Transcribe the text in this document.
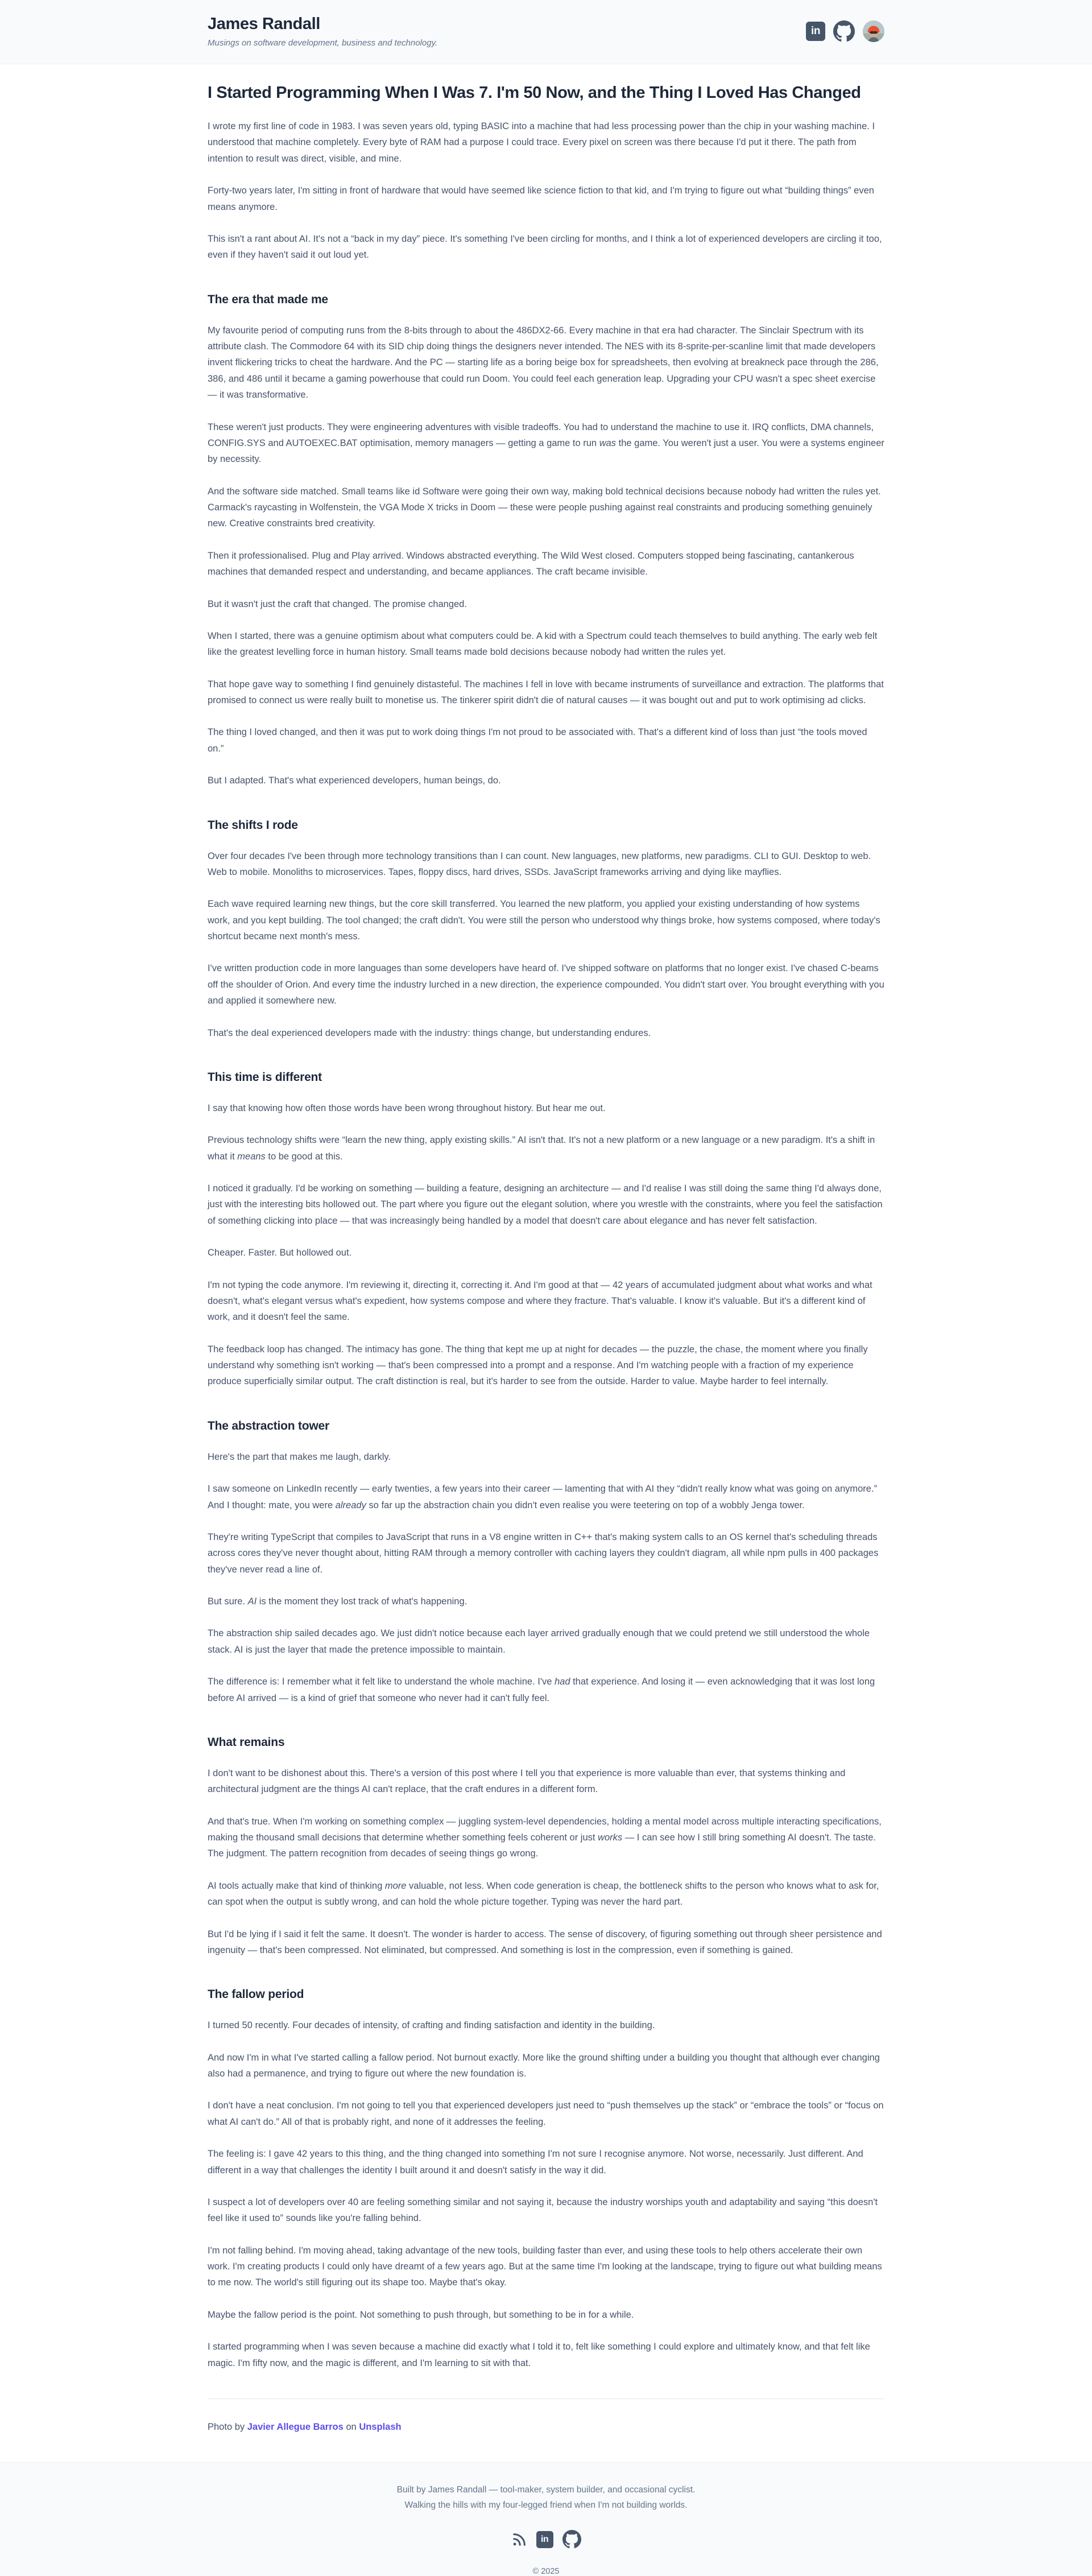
James Randall
Musings on software development, business and technology.
in
I Started Programming When I Was 7. I'm 50 Now, and the Thing I Loved Has Changed

I wrote my first line of code in 1983. I was seven years old, typing BASIC into a machine that had less processing power than the chip in your washing machine. I understood that machine completely. Every byte of RAM had a purpose I could trace. Every pixel on screen was there because I'd put it there. The path from intention to result was direct, visible, and mine.

Forty-two years later, I'm sitting in front of hardware that would have seemed like science fiction to that kid, and I'm trying to figure out what “building things” even means anymore.

This isn't a rant about AI. It's not a “back in my day” piece. It's something I've been circling for months, and I think a lot of experienced developers are circling it too, even if they haven't said it out loud yet.

The era that made me

My favourite period of computing runs from the 8-bits through to about the 486DX2-66. Every machine in that era had character. The Sinclair Spectrum with its attribute clash. The Commodore 64 with its SID chip doing things the designers never intended. The NES with its 8-sprite-per-scanline limit that made developers invent flickering tricks to cheat the hardware. And the PC — starting life as a boring beige box for spreadsheets, then evolving at breakneck pace through the 286, 386, and 486 until it became a gaming powerhouse that could run Doom. You could feel each generation leap. Upgrading your CPU wasn't a spec sheet exercise — it was transformative.

These weren't just products. They were engineering adventures with visible tradeoffs. You had to understand the machine to use it. IRQ conflicts, DMA channels, CONFIG.SYS and AUTOEXEC.BAT optimisation, memory managers — getting a game to run was the game. You weren't just a user. You were a systems engineer by necessity.

And the software side matched. Small teams like id Software were going their own way, making bold technical decisions because nobody had written the rules yet. Carmack's raycasting in Wolfenstein, the VGA Mode X tricks in Doom — these were people pushing against real constraints and producing something genuinely new. Creative constraints bred creativity.

Then it professionalised. Plug and Play arrived. Windows abstracted everything. The Wild West closed. Computers stopped being fascinating, cantankerous machines that demanded respect and understanding, and became appliances. The craft became invisible.

But it wasn't just the craft that changed. The promise changed.

When I started, there was a genuine optimism about what computers could be. A kid with a Spectrum could teach themselves to build anything. The early web felt like the greatest levelling force in human history. Small teams made bold decisions because nobody had written the rules yet.

That hope gave way to something I find genuinely distasteful. The machines I fell in love with became instruments of surveillance and extraction. The platforms that promised to connect us were really built to monetise us. The tinkerer spirit didn't die of natural causes — it was bought out and put to work optimising ad clicks.

The thing I loved changed, and then it was put to work doing things I'm not proud to be associated with. That's a different kind of loss than just “the tools moved on.”

But I adapted. That's what experienced developers, human beings, do.

The shifts I rode

Over four decades I've been through more technology transitions than I can count. New languages, new platforms, new paradigms. CLI to GUI. Desktop to web. Web to mobile. Monoliths to microservices. Tapes, floppy discs, hard drives, SSDs. JavaScript frameworks arriving and dying like mayflies.

Each wave required learning new things, but the core skill transferred. You learned the new platform, you applied your existing understanding of how systems work, and you kept building. The tool changed; the craft didn't. You were still the person who understood why things broke, how systems composed, where today's shortcut became next month's mess.

I've written production code in more languages than some developers have heard of. I've shipped software on platforms that no longer exist. I've chased C-beams off the shoulder of Orion. And every time the industry lurched in a new direction, the experience compounded. You didn't start over. You brought everything with you and applied it somewhere new.

That's the deal experienced developers made with the industry: things change, but understanding endures.

This time is different

I say that knowing how often those words have been wrong throughout history. But hear me out.

Previous technology shifts were “learn the new thing, apply existing skills.” AI isn't that. It's not a new platform or a new language or a new paradigm. It's a shift in what it means to be good at this.

I noticed it gradually. I'd be working on something — building a feature, designing an architecture — and I'd realise I was still doing the same thing I'd always done, just with the interesting bits hollowed out. The part where you figure out the elegant solution, where you wrestle with the constraints, where you feel the satisfaction of something clicking into place — that was increasingly being handled by a model that doesn't care about elegance and has never felt satisfaction.

Cheaper. Faster. But hollowed out.

I'm not typing the code anymore. I'm reviewing it, directing it, correcting it. And I'm good at that — 42 years of accumulated judgment about what works and what doesn't, what's elegant versus what's expedient, how systems compose and where they fracture. That's valuable. I know it's valuable. But it's a different kind of work, and it doesn't feel the same.

The feedback loop has changed. The intimacy has gone. The thing that kept me up at night for decades — the puzzle, the chase, the moment where you finally understand why something isn't working — that's been compressed into a prompt and a response. And I'm watching people with a fraction of my experience produce superficially similar output. The craft distinction is real, but it's harder to see from the outside. Harder to value. Maybe harder to feel internally.

The abstraction tower

Here's the part that makes me laugh, darkly.

I saw someone on LinkedIn recently — early twenties, a few years into their career — lamenting that with AI they “didn't really know what was going on anymore.” And I thought: mate, you were already so far up the abstraction chain you didn't even realise you were teetering on top of a wobbly Jenga tower.

They're writing TypeScript that compiles to JavaScript that runs in a V8 engine written in C++ that's making system calls to an OS kernel that's scheduling threads across cores they've never thought about, hitting RAM through a memory controller with caching layers they couldn't diagram, all while npm pulls in 400 packages they've never read a line of.

But sure. AI is the moment they lost track of what's happening.

The abstraction ship sailed decades ago. We just didn't notice because each layer arrived gradually enough that we could pretend we still understood the whole stack. AI is just the layer that made the pretence impossible to maintain.

The difference is: I remember what it felt like to understand the whole machine. I've had that experience. And losing it — even acknowledging that it was lost long before AI arrived — is a kind of grief that someone who never had it can't fully feel.

What remains

I don't want to be dishonest about this. There's a version of this post where I tell you that experience is more valuable than ever, that systems thinking and architectural judgment are the things AI can't replace, that the craft endures in a different form.

And that's true. When I'm working on something complex — juggling system-level dependencies, holding a mental model across multiple interacting specifications, making the thousand small decisions that determine whether something feels coherent or just works — I can see how I still bring something AI doesn't. The taste. The judgment. The pattern recognition from decades of seeing things go wrong.

AI tools actually make that kind of thinking more valuable, not less. When code generation is cheap, the bottleneck shifts to the person who knows what to ask for, can spot when the output is subtly wrong, and can hold the whole picture together. Typing was never the hard part.

But I'd be lying if I said it felt the same. It doesn't. The wonder is harder to access. The sense of discovery, of figuring something out through sheer persistence and ingenuity — that's been compressed. Not eliminated, but compressed. And something is lost in the compression, even if something is gained.

The fallow period

I turned 50 recently. Four decades of intensity, of crafting and finding satisfaction and identity in the building.

And now I'm in what I've started calling a fallow period. Not burnout exactly. More like the ground shifting under a building you thought that although ever changing also had a permanence, and trying to figure out where the new foundation is.

I don't have a neat conclusion. I'm not going to tell you that experienced developers just need to “push themselves up the stack” or “embrace the tools” or “focus on what AI can't do.” All of that is probably right, and none of it addresses the feeling.

The feeling is: I gave 42 years to this thing, and the thing changed into something I'm not sure I recognise anymore. Not worse, necessarily. Just different. And different in a way that challenges the identity I built around it and doesn't satisfy in the way it did.

I suspect a lot of developers over 40 are feeling something similar and not saying it, because the industry worships youth and adaptability and saying “this doesn't feel like it used to” sounds like you're falling behind.

I'm not falling behind. I'm moving ahead, taking advantage of the new tools, building faster than ever, and using these tools to help others accelerate their own work. I'm creating products I could only have dreamt of a few years ago. But at the same time I'm looking at the landscape, trying to figure out what building means to me now. The world's still figuring out its shape too. Maybe that's okay.

Maybe the fallow period is the point. Not something to push through, but something to be in for a while.

I started programming when I was seven because a machine did exactly what I told it to, felt like something I could explore and ultimately know, and that felt like magic. I'm fifty now, and the magic is different, and I'm learning to sit with that.

Photo by Javier Allegue Barros on Unsplash

Built by James Randall — tool-maker, system builder, and occasional cyclist.
Walking the hills with my four-legged friend when I'm not building worlds.
in
© 2025
